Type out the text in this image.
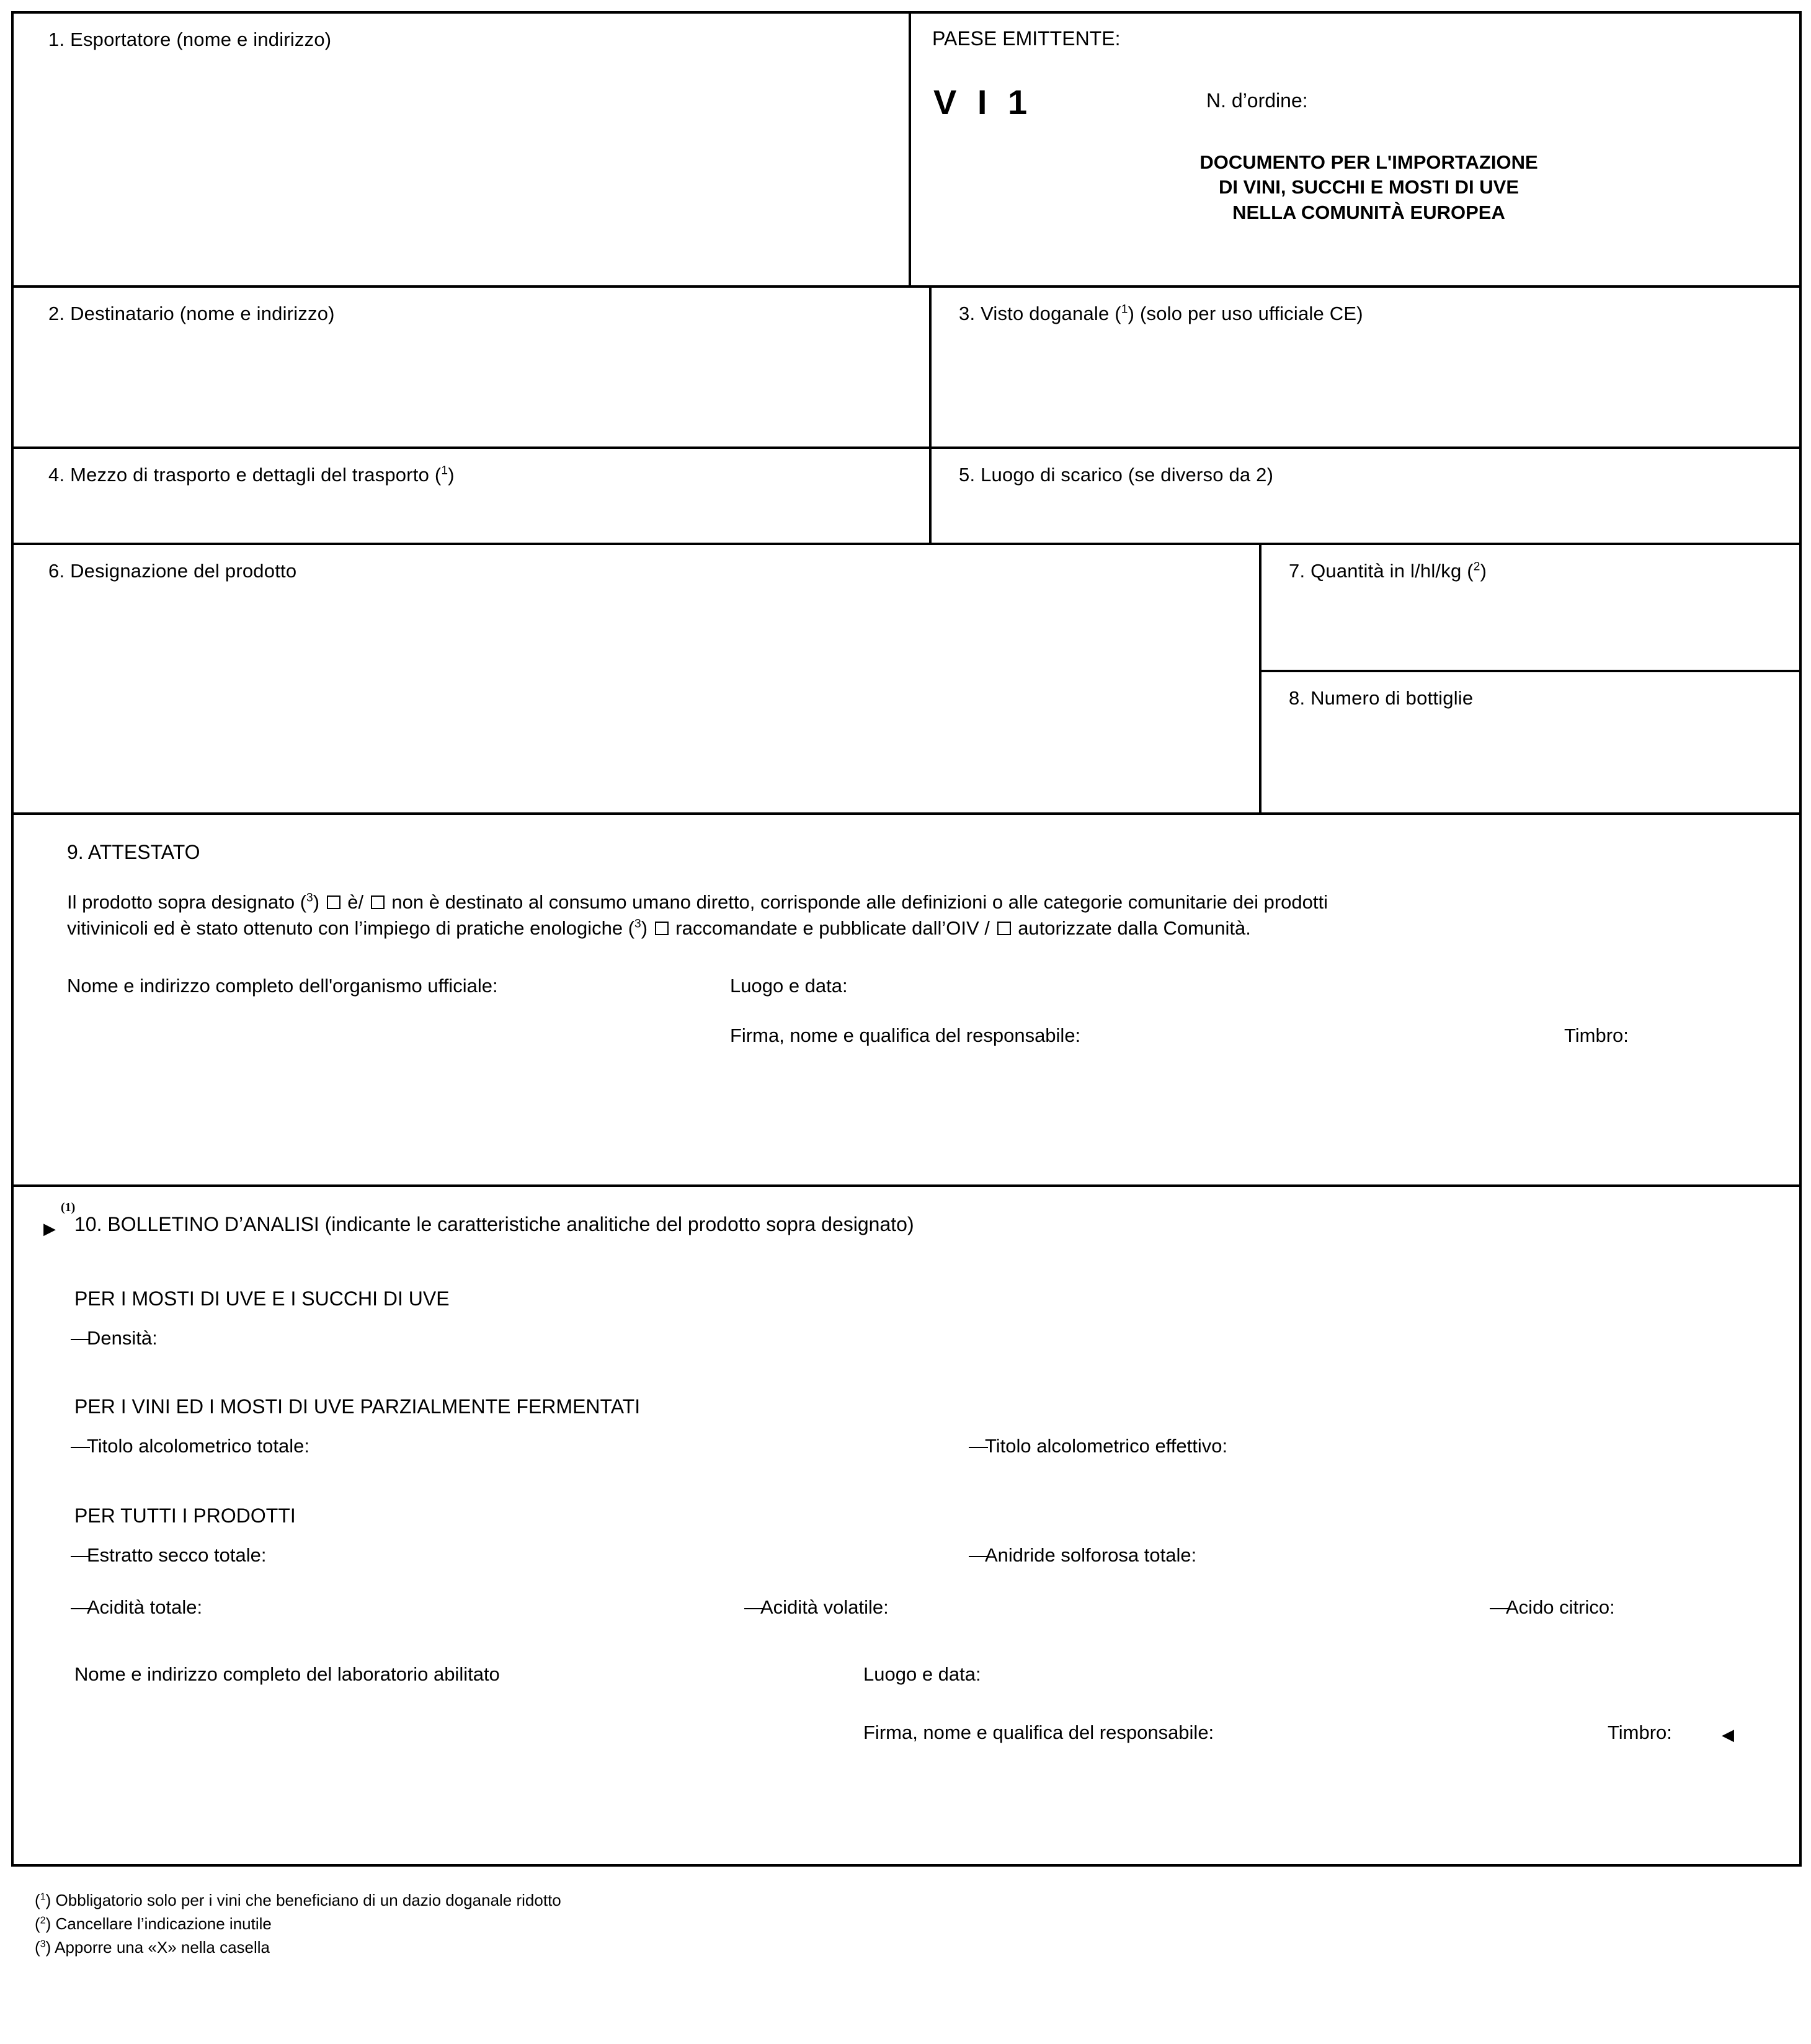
1. Esportatore (nome e indirizzo)	PAESE EMITTENTE:
V I 1	N. d’ordine:
DOCUMENTO PER L'IMPORTAZIONE
DI VINI, SUCCHI E MOSTI DI UVE
NELLA COMUNITÀ EUROPEA
2. Destinatario (nome e indirizzo)	3. Visto doganale ($^1$) (solo per uso ufficiale CE)
4. Mezzo di trasporto e dettagli del trasporto ($^1$)	5. Luogo di scarico (se diverso da 2)
6. Designazione del prodotto	7. Quantità in l/hl/kg ($^2$)
8. Numero di bottiglie
9. ATTESTATO
Il prodotto sopra designato ($^3$) è/ non è destinato al consumo umano diretto, corrisponde alle definizioni o alle categorie comunitarie dei prodotti
vitivinicoli ed è stato ottenuto con l’impiego di pratiche enologiche ($^3$) raccomandate e pubblicate dall’OIV / autorizzate dalla Comunità.
Nome e indirizzo completo dell'organismo ufficiale:	Luogo e data:
Firma, nome e qualifica del responsabile:	Timbro:
(1)
▶ 10. BOLLETINO D’ANALISI (indicante le caratteristiche analitiche del prodotto sopra designato)
PER I MOSTI DI UVE E I SUCCHI DI UVE
—Densità:
PER I VINI ED I MOSTI DI UVE PARZIALMENTE FERMENTATI
—Titolo alcolometrico totale:	—Titolo alcolometrico effettivo:
PER TUTTI I PRODOTTI
—Estratto secco totale:	—Anidride solforosa totale:
—Acidità totale:	—Acidità volatile:	—Acido citrico:
Nome e indirizzo completo del laboratorio abilitato	Luogo e data:
Firma, nome e qualifica del responsabile:	Timbro:	◀
($^1$) Obbligatorio solo per i vini che beneficiano di un dazio doganale ridotto
($^2$) Cancellare l’indicazione inutile
($^3$) Apporre una «X» nella casella
